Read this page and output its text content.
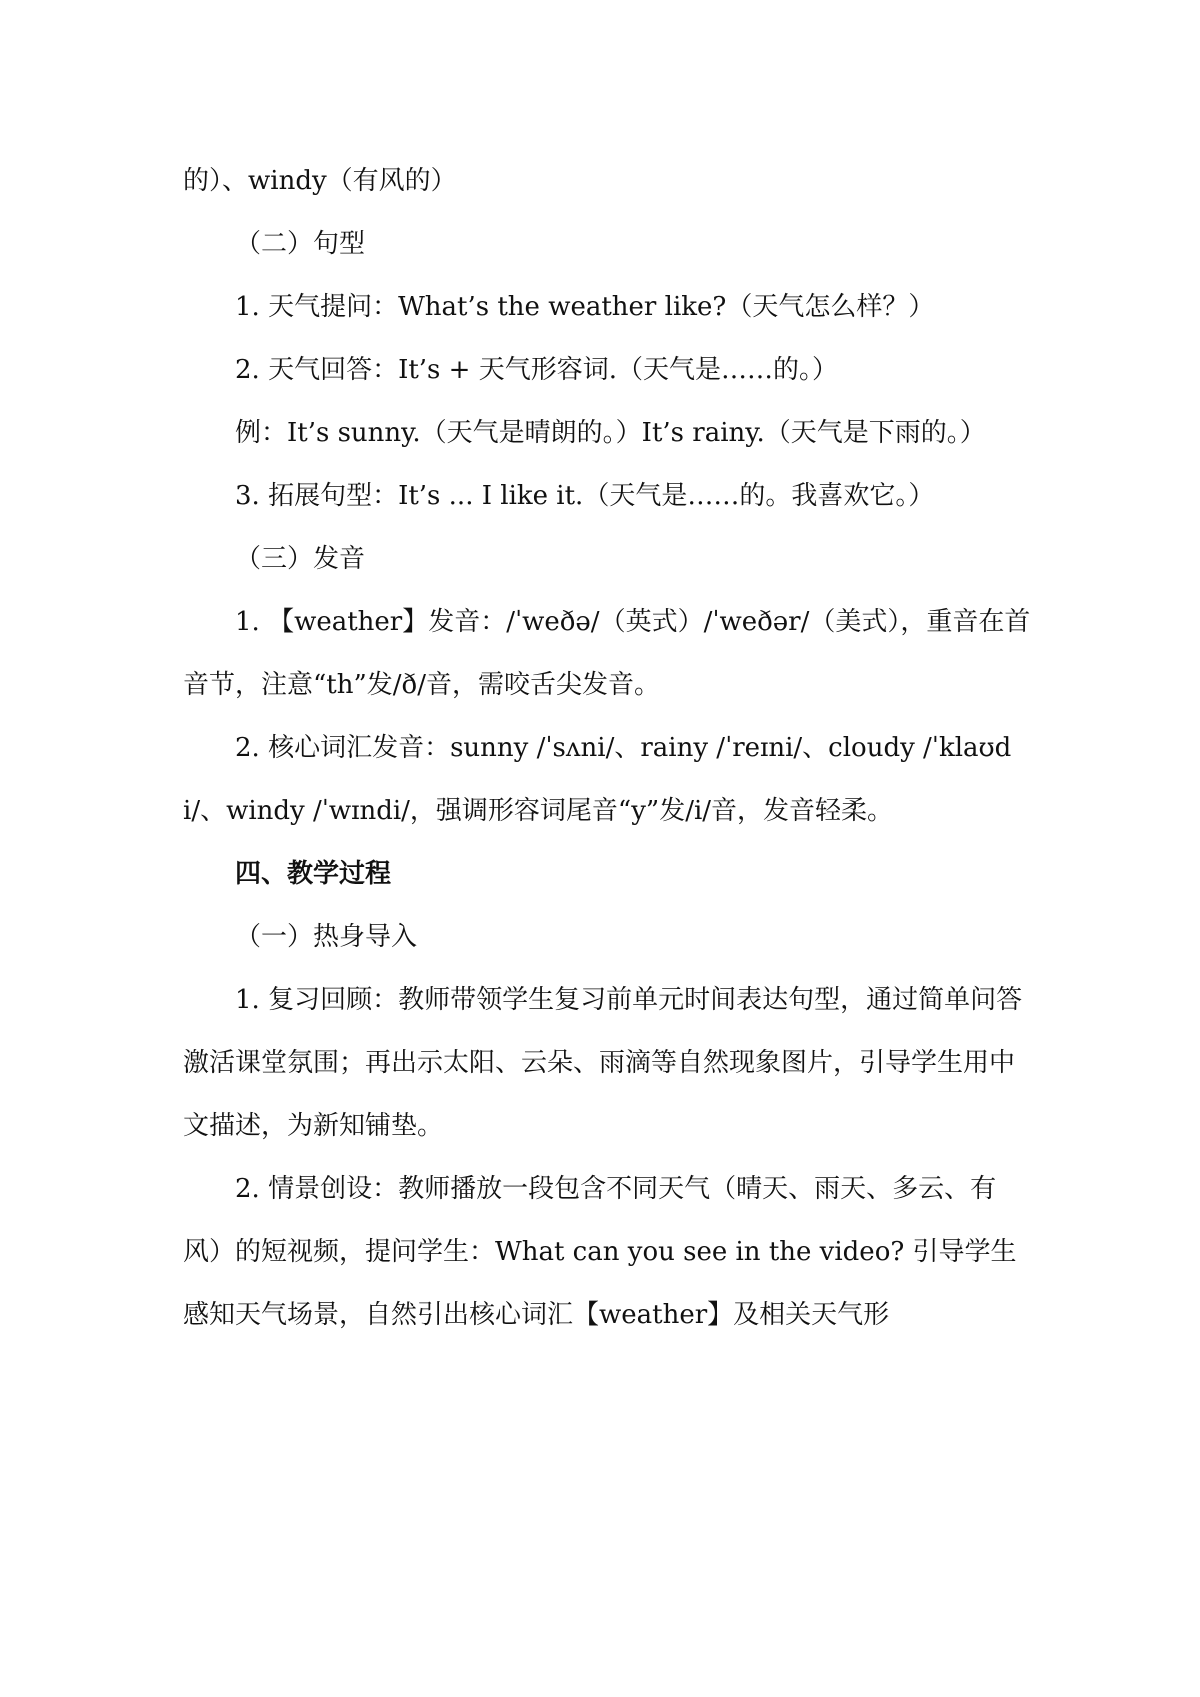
的）、windy（有风的）

（二）句型

1. 天气提问：What’s the weather like?（天气怎么样？）

2. 天气回答：It’s + 天气形容词.（天气是……的。）

例：It’s sunny.（天气是晴朗的。）It’s rainy.（天气是下雨的。）

3. 拓展句型：It’s ... I like it.（天气是……的。我喜欢它。）

（三）发音

1. 【weather】发音：/ˈweðə/（英式）/ˈweðər/（美式），重音在首音节，注意“th”发/ð/音，需咬舌尖发音。

2. 核心词汇发音：sunny /ˈsʌni/、rainy /ˈreɪni/、cloudy /ˈklaʊdi/、windy /ˈwɪndi/，强调形容词尾音“y”发/i/音，发音轻柔。

四、教学过程

（一）热身导入

1. 复习回顾：教师带领学生复习前单元时间表达句型，通过简单问答激活课堂氛围；再出示太阳、云朵、雨滴等自然现象图片，引导学生用中文描述，为新知铺垫。

2. 情景创设：教师播放一段包含不同天气（晴天、雨天、多云、有风）的短视频，提问学生：What can you see in the video? 引导学生感知天气场景，自然引出核心词汇【weather】及相关天气形
